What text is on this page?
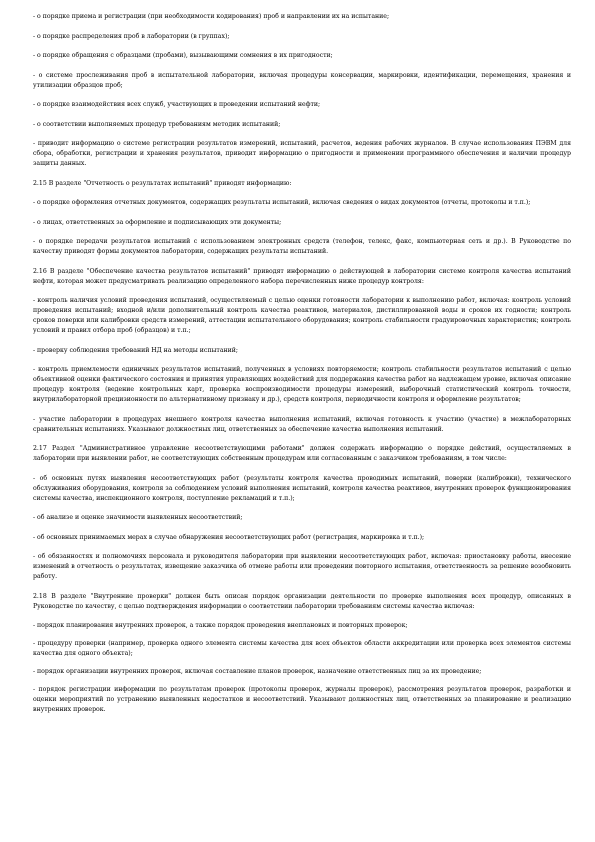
- о порядке приема и регистрации (при необходимости кодирования) проб и направлении их на испытание;

- о порядке распределения проб в лаборатории (в группах);

- о порядке обращения с образцами (пробами), вызывающими сомнения в их пригодности;

- о системе прослеживания проб в испытательной лаборатории, включая процедуры консервации, маркировки, идентификации, перемещения, хранения и утилизации образцов проб;

- о порядке взаимодействия всех служб, участвующих в проведении испытаний нефти;

- о соответствии выполняемых процедур требованиям методик испытаний;

- приводит информацию о системе регистрации результатов измерений, испытаний, расчетов, ведения рабочих журналов. В случае использования ПЭВМ для сбора, обработки, регистрации и хранения результатов, приводит информацию о пригодности и применении программного обеспечения и наличии процедур защиты данных.

2.15 В разделе "Отчетность о результатах испытаний" приводят информацию:

- о порядке оформления отчетных документов, содержащих результаты испытаний, включая сведения о видах документов (отчеты, протоколы и т.п.);

- о лицах, ответственных за оформление и подписывающих эти документы;

- о порядке передачи результатов испытаний с использованием электронных средств (телефон, телекс, факс, компьютерная сеть и др.). В Руководстве по качеству приводят формы документов лаборатории, содержащих результаты испытаний.

2.16 В разделе "Обеспечение качества результатов испытаний" приводят информацию о действующей в лаборатории системе контроля качества испытаний нефти, которая может предусматривать реализацию определенного набора перечисленных ниже процедур контроля:

- контроль наличия условий проведения испытаний, осуществляемый с целью оценки готовности лаборатории к выполнению работ, включая: контроль условий проведения испытаний; входной и/или дополнительный контроль качества реактивов, материалов, дистиллированной воды и сроков их годности; контроль сроков поверки или калибровки средств измерений, аттестации испытательного оборудования; контроль стабильности градуировочных характеристик; контроль условий и правил отбора проб (образцов) и т.п.;

- проверку соблюдения требований НД на методы испытаний;

- контроль приемлемости единичных результатов испытаний, полученных в условиях повторяемости; контроль стабильности результатов испытаний с целью объективной оценки фактического состояния и принятия управляющих воздействий для поддержания качества работ на надлежащем уровне, включая описание процедур контроля (ведение контрольных карт, проверка воспроизводимости процедуры измерений, выборочный статистический контроль точности, внутрилабораторной прецизионности по альтернативному признаку и др.), средств контроля, периодичности контроля и оформление результатов;

- участие лаборатории в процедурах внешнего контроля качества выполнения испытаний, включая готовность к участию (участие) в межлабораторных сравнительных испытаниях. Указывают должностных лиц, ответственных за обеспечение качества выполнения испытаний.

2.17 Раздел "Административное управление несоответствующими работами" должен содержать информацию о порядке действий, осуществляемых в лаборатории при выявлении работ, не соответствующих собственным процедурам или согласованным с заказчиком требованиям, в том числе:

- об основных путях выявления несоответствующих работ (результаты контроля качества проводимых испытаний, поверки (калибровки), технического обслуживания оборудования, контроля за соблюдением условий выполнения испытаний, контроля качества реактивов, внутренних проверок функционирования системы качества, инспекционного контроля, поступление рекламаций и т.п.);

- об анализе и оценке значимости выявленных несоответствий;

- об основных принимаемых мерах в случае обнаружения несоответствующих работ (регистрация, маркировка и т.п.);

- об обязанностях и полномочиях персонала и руководителя лаборатории при выявлении несоответствующих работ, включая: приостановку работы, внесение изменений в отчетность о результатах, извещение заказчика об отмене работы или проведении повторного испытания, ответственность за решение возобновить работу.

2.18 В разделе "Внутренние проверки" должен быть описан порядок организации деятельности по проверке выполнения всех процедур, описанных в Руководстве по качеству, с целью подтверждения информации о соответствии лаборатории требованиям системы качества включая:

- порядок планирования внутренних проверок, а также порядок проведения внеплановых и повторных проверок;

- процедуру проверки (например, проверка одного элемента системы качества для всех объектов области аккредитации или проверка всех элементов системы качества для одного объекта);

- порядок организации внутренних проверок, включая составление планов проверок, назначение ответственных лиц за их проведение;

- порядок регистрации информации по результатам проверок (протоколы проверок, журналы проверок), рассмотрения результатов проверок, разработки и оценки мероприятий по устранению выявленных недостатков и несоответствий. Указывают должностных лиц, ответственных за планирование и реализацию внутренних проверок.
